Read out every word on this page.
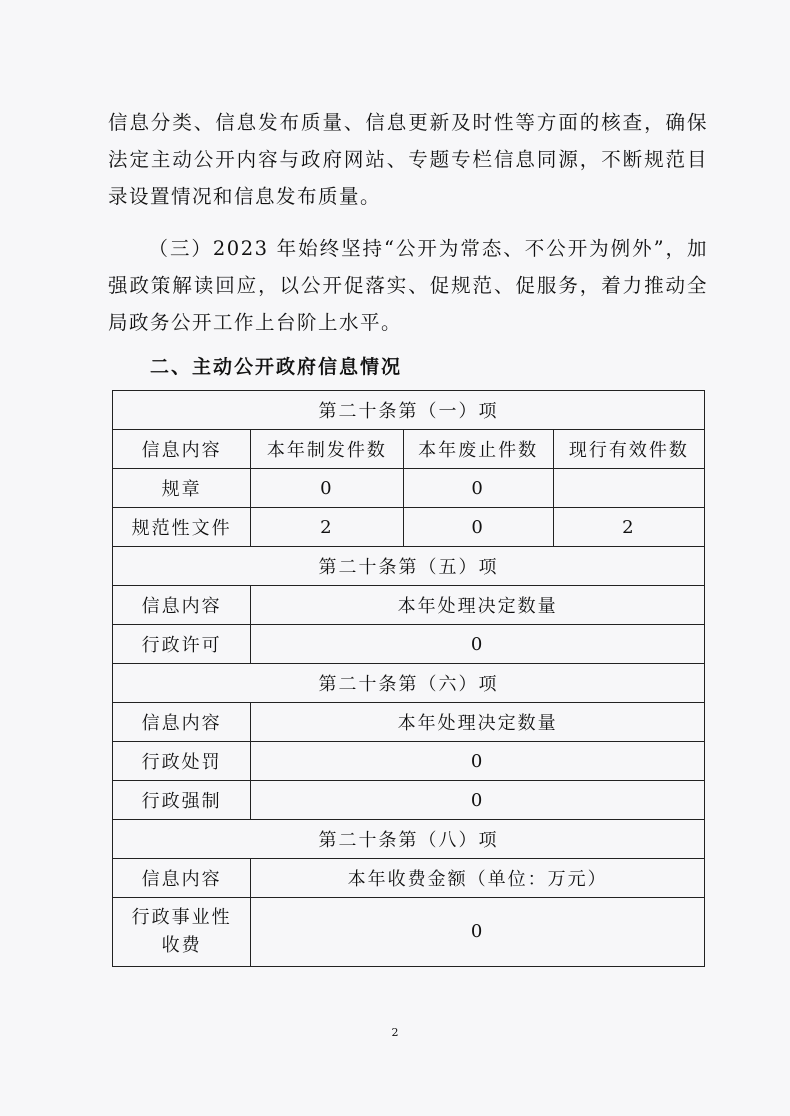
信息分类、信息发布质量、信息更新及时性等方面的核查，确保法定主动公开内容与政府网站、专题专栏信息同源，不断规范目录设置情况和信息发布质量。
（三）2023 年始终坚持“公开为常态、不公开为例外”，加强政策解读回应，以公开促落实、促规范、促服务，着力推动全局政务公开工作上台阶上水平。
二、主动公开政府信息情况
第二十条第（一）项			
信息内容	本年制发件数	本年废止件数	现行有效件数
规章	0	0	
规范性文件	2	0	2
第二十条第（五）项			
信息内容	本年处理决定数量		
行政许可	0		
第二十条第（六）项			
信息内容	本年处理决定数量		
行政处罚	0		
行政强制	0		
第二十条第（八）项			
信息内容	本年收费金额（单位：万元）		
行政事业性
收费	0		
2
